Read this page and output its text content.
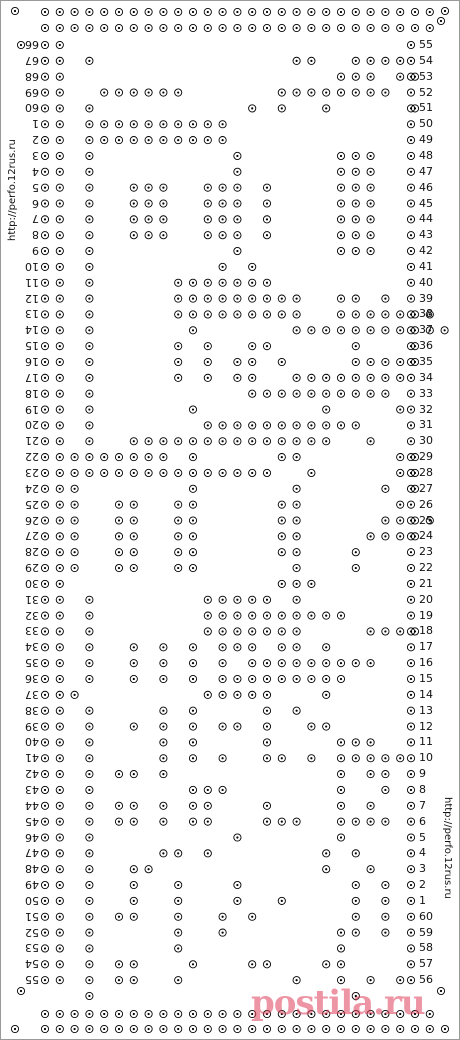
http://perfo.12rus.ru
http://perfo.12rus.ru
55
54
53
52
51
50
49
48
47
46
45
44
43
42
41
40
39
38
37
36
35
34
33
32
31
30
29
28
27
26
25
24
23
22
21
20
19
18
17
16
15
14
13
12
11
10
9
8
7
6
5
4
3
2
1
60
59
58
57
56
66
67
68
69
60
1
2
3
4
5
6
7
8
9
10
11
12
13
14
15
16
17
18
19
20
21
22
23
24
25
26
27
28
29
30
31
32
33
34
35
36
37
38
39
40
41
42
43
44
45
46
47
48
49
50
51
52
53
54
55
postila.ru
